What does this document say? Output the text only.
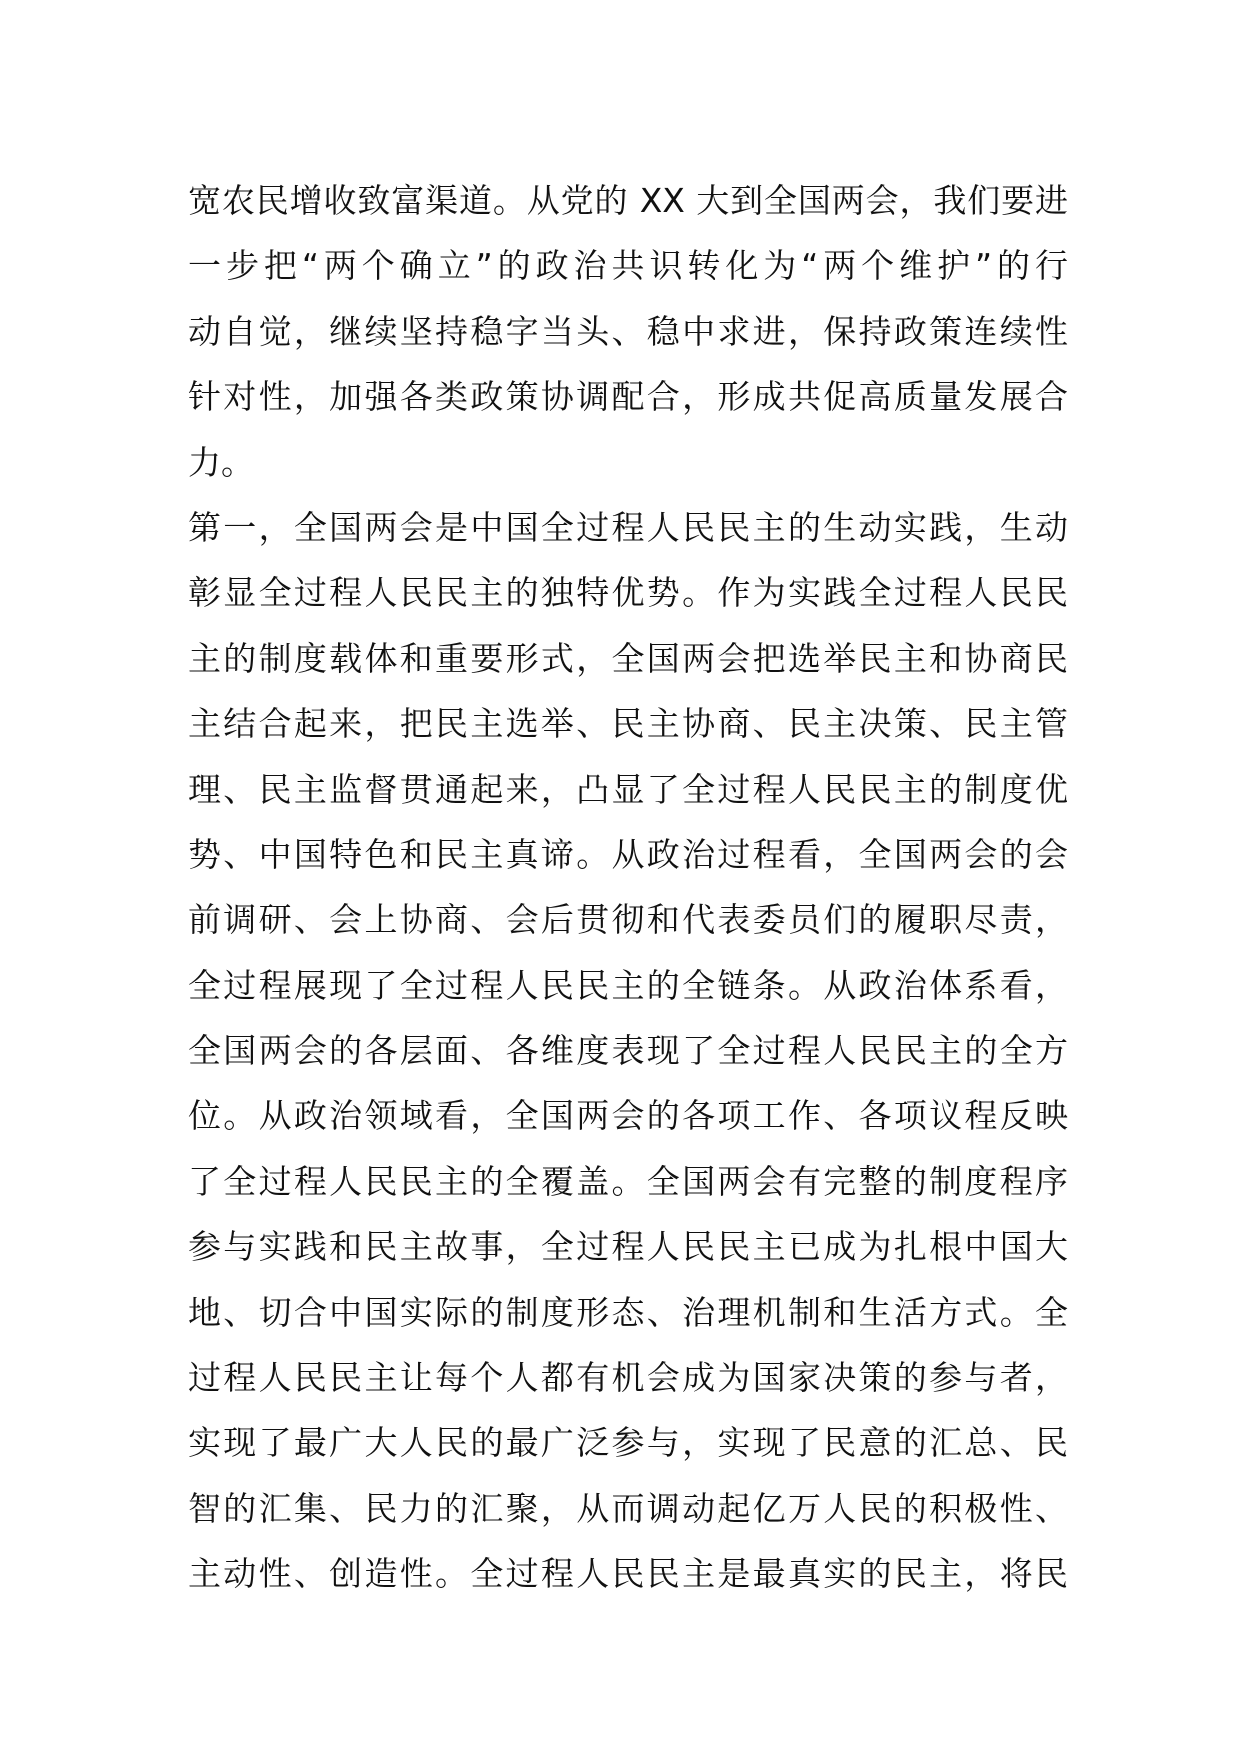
宽农民增收致富渠道。从党的 XX 大到全国两会，我们要进
一步把“两个确立”的政治共识转化为“两个维护”的行
动自觉，继续坚持稳字当头、稳中求进，保持政策连续性
针对性，加强各类政策协调配合，形成共促高质量发展合
力。
第一，全国两会是中国全过程人民民主的生动实践，生动
彰显全过程人民民主的独特优势。作为实践全过程人民民
主的制度载体和重要形式，全国两会把选举民主和协商民
主结合起来，把民主选举、民主协商、民主决策、民主管
理、民主监督贯通起来，凸显了全过程人民民主的制度优
势、中国特色和民主真谛。从政治过程看，全国两会的会
前调研、会上协商、会后贯彻和代表委员们的履职尽责，
全过程展现了全过程人民民主的全链条。从政治体系看，
全国两会的各层面、各维度表现了全过程人民民主的全方
位。从政治领域看，全国两会的各项工作、各项议程反映
了全过程人民民主的全覆盖。全国两会有完整的制度程序
参与实践和民主故事，全过程人民民主已成为扎根中国大
地、切合中国实际的制度形态、治理机制和生活方式。全
过程人民民主让每个人都有机会成为国家决策的参与者，
实现了最广大人民的最广泛参与，实现了民意的汇总、民
智的汇集、民力的汇聚，从而调动起亿万人民的积极性、
主动性、创造性。全过程人民民主是最真实的民主，将民
